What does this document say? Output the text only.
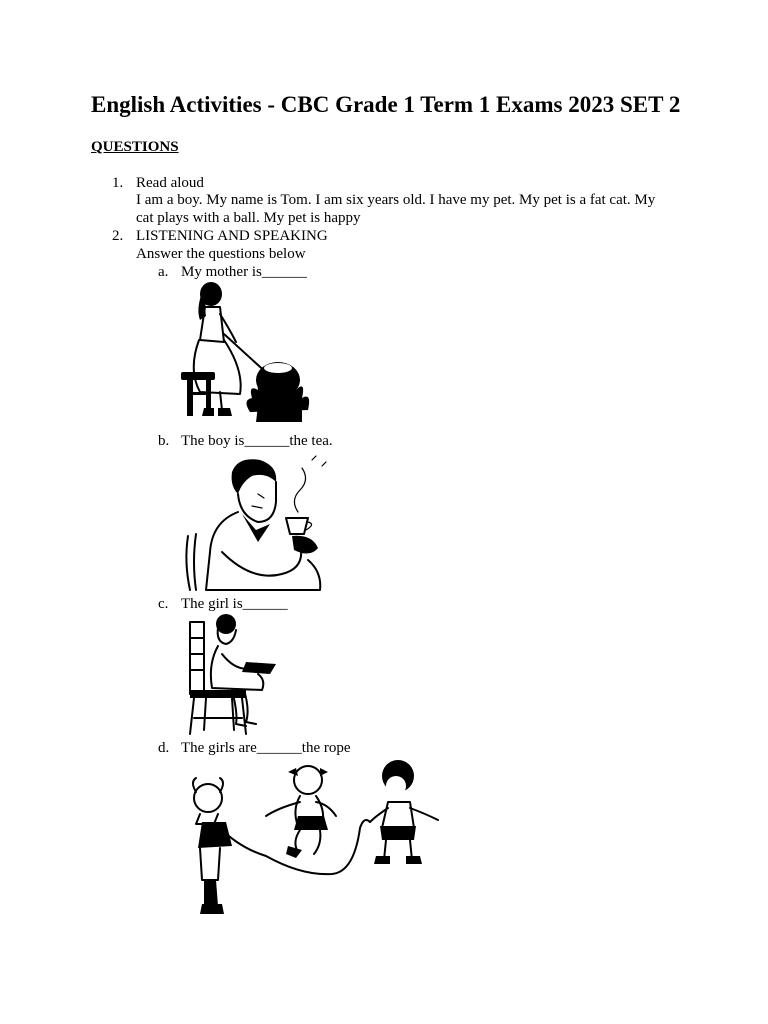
English Activities - CBC Grade 1 Term 1 Exams 2023 SET 2
QUESTIONS
1. Read aloud
I am a boy. My name is Tom. I am six years old. I have my pet. My pet is a fat cat. My
cat plays with a ball. My pet is happy
2. LISTENING AND SPEAKING
Answer the questions below
a. My mother is______
b. The boy is______the tea.
c. The girl is______
d. The girls are______the rope
